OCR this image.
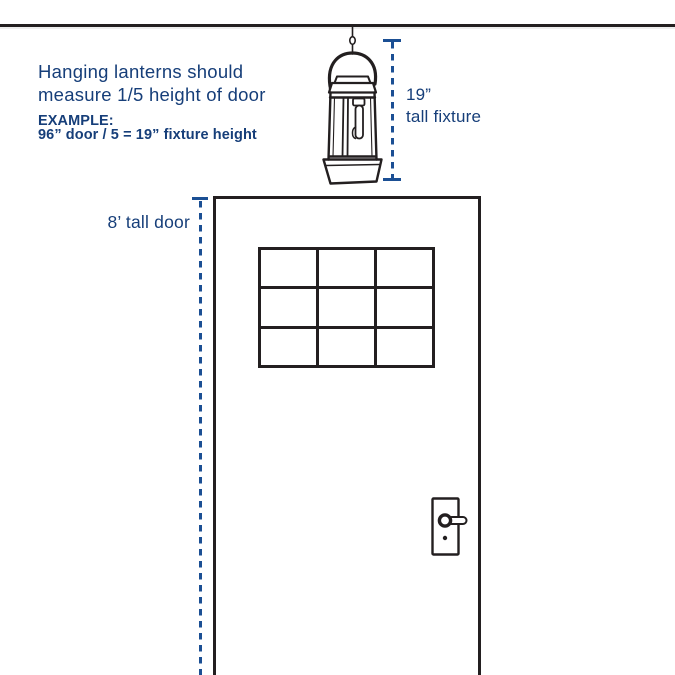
Hanging lanterns should
measure 1/5 height of door
EXAMPLE:
96” door / 5 = 19” fixture height
19”
tall fixture
8’ tall door
